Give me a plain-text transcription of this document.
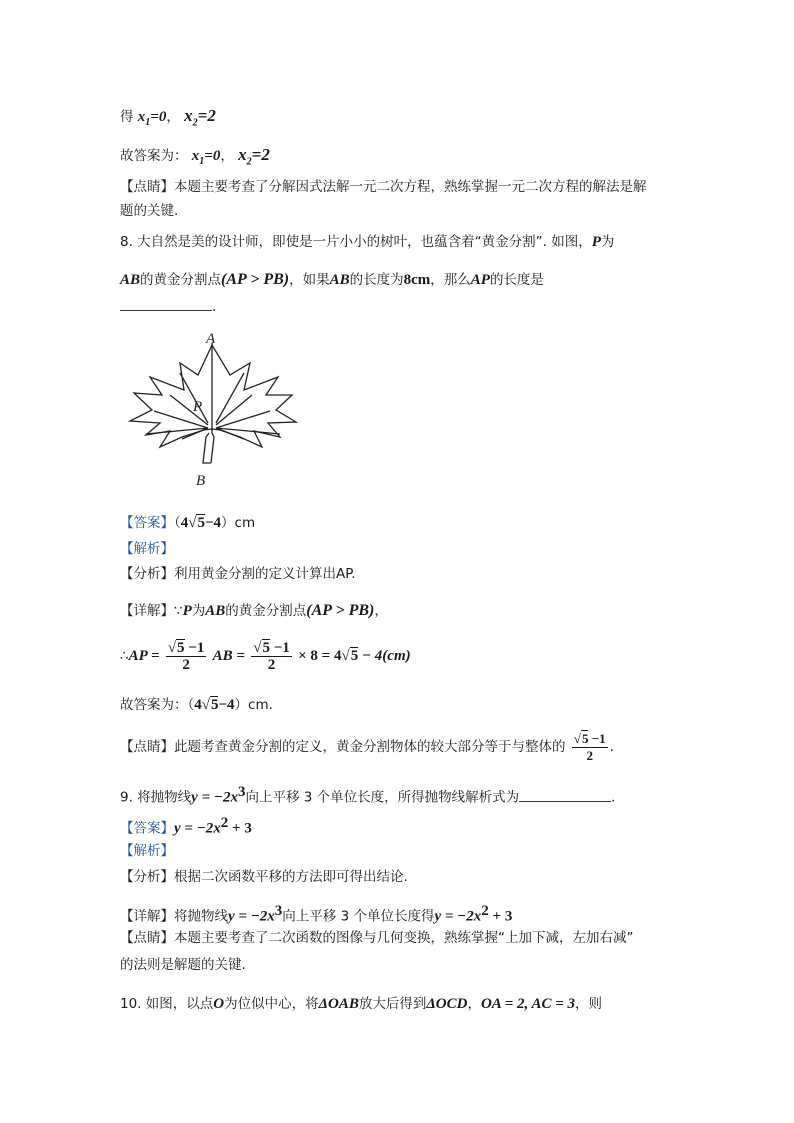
得 $x_1=0$， $x_2=2$
故答案为： $x_1=0$， $x_2=2$
【点睛】本题主要考查了分解因式法解一元二次方程，熟练掌握一元二次方程的解法是解
题的关键.
8. 大自然是美的设计师，即使是一片小小的树叶，也蕴含着“黄金分割”. 如图，P为
AB的黄金分割点(AP > PB)，如果AB的长度为8cm，那么AP的长度是
.
A
P
B
【答案】（4√5−4）cm
【解析】
【分析】利用黄金分割的定义计算出AP.
【详解】∵P为AB的黄金分割点(AP > PB)，
∴AP = $\frac{√5 -1}{2}$ AB = $\frac{√5 -1}{2} \times 8 = 4√5 - 4(cm)$
故答案为：（4√5−4）cm.
【点睛】此题考查黄金分割的定义，黄金分割物体的较大部分等于与整体的 $\frac{√5 -1}{2}$ .
9. 将抛物线$y = -2x^3$向上平移 3 个单位长度，所得抛物线解析式为	.
【答案】$y = -2x^2 + 3$
【解析】
【分析】根据二次函数平移的方法即可得出结论.
【详解】将抛物线$y = -2x^3$向上平移 3 个单位长度得$y = -2x^2 + 3$
【点睛】本题主要考查了二次函数的图像与几何变换，熟练掌握“上加下减，左加右减”
的法则是解题的关键.
10. 如图，以点O为位似中心，将ΔOAB放大后得到ΔOCD，OA = 2, AC = 3，则
